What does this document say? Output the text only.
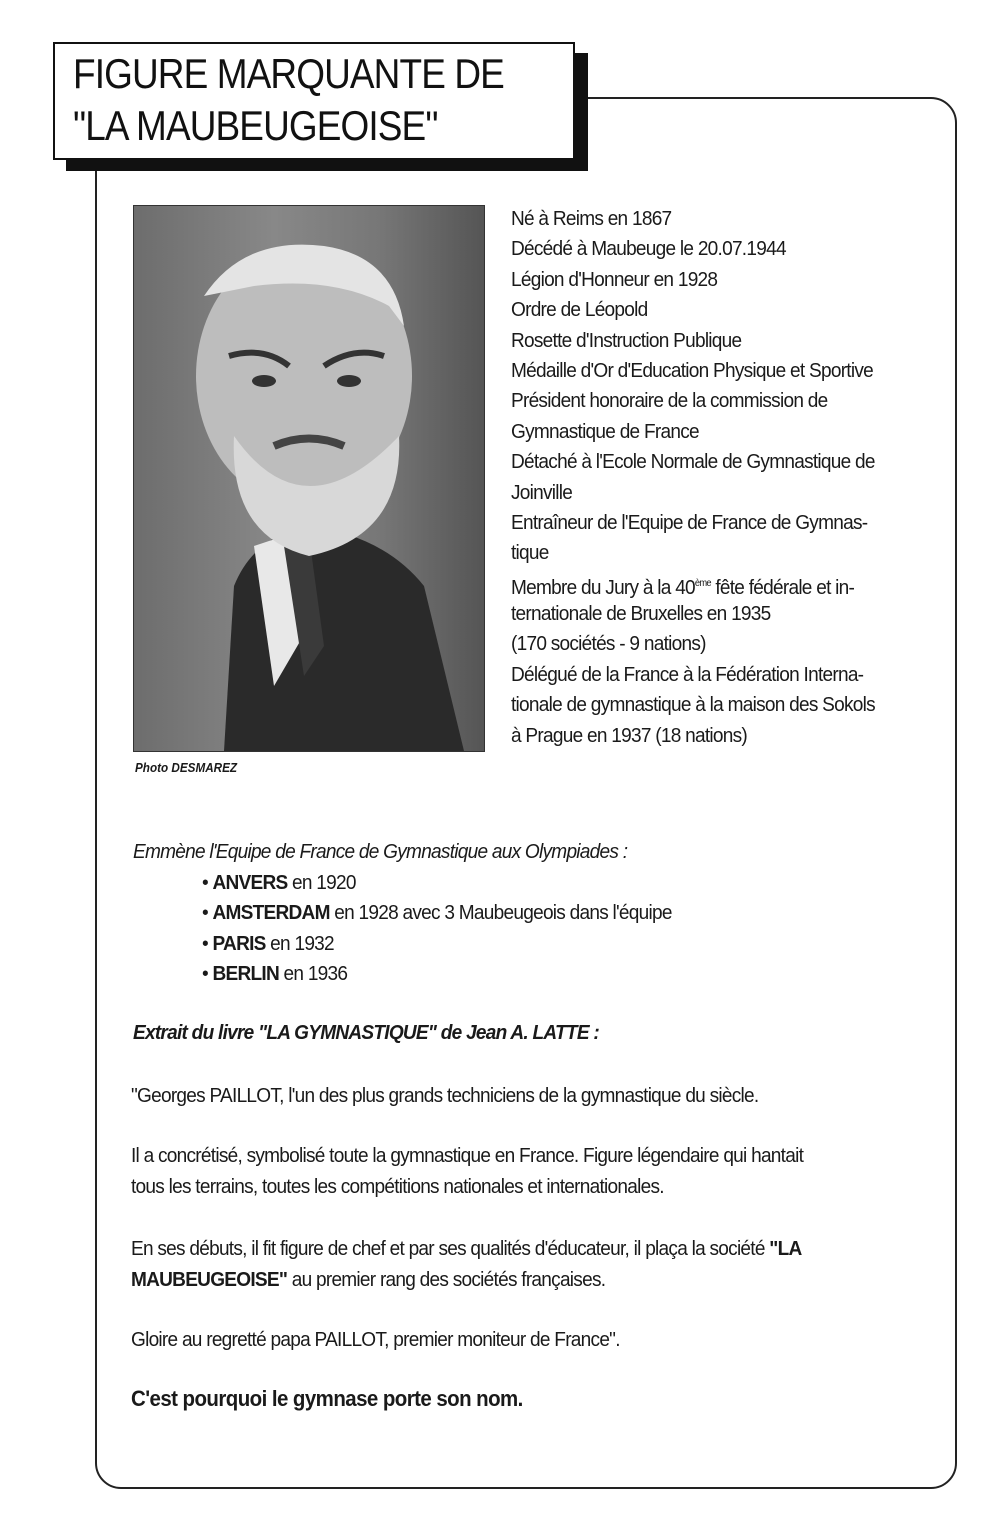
FIGURE MARQUANTE DE
"LA MAUBEUGEOISE"
Photo DESMAREZ
Né à Reims en 1867
Décédé à Maubeuge le 20.07.1944
Légion d'Honneur en 1928
Ordre de Léopold
Rosette d'Instruction Publique
Médaille d'Or d'Education Physique et Sportive
Président honoraire de la commission de
Gymnastique de France
Détaché à l'Ecole Normale de Gymnastique de
Joinville
Entraîneur de l'Equipe de France de Gymnas-
tique
Membre du Jury à la 40ème fête fédérale et in-
ternationale de Bruxelles en 1935
(170 sociétés - 9 nations)
Délégué de la France à la Fédération Interna-
tionale de gymnastique à la maison des Sokols
à Prague en 1937 (18 nations)
Emmène l'Equipe de France de Gymnastique aux Olympiades :
• ANVERS en 1920
• AMSTERDAM en 1928 avec 3 Maubeugeois dans l'équipe
• PARIS en 1932
• BERLIN en 1936
Extrait du livre "LA GYMNASTIQUE" de Jean A. LATTE :
"Georges PAILLOT, l'un des plus grands techniciens de la gymnastique du siècle.
Il a concrétisé, symbolisé toute la gymnastique en France. Figure légendaire qui hantait
tous les terrains, toutes les compétitions nationales et internationales.
En ses débuts, il fit figure de chef et par ses qualités d'éducateur, il plaça la société "LA
MAUBEUGEOISE" au premier rang des sociétés françaises.
Gloire au regretté papa PAILLOT, premier moniteur de France".
C'est pourquoi le gymnase porte son nom.
